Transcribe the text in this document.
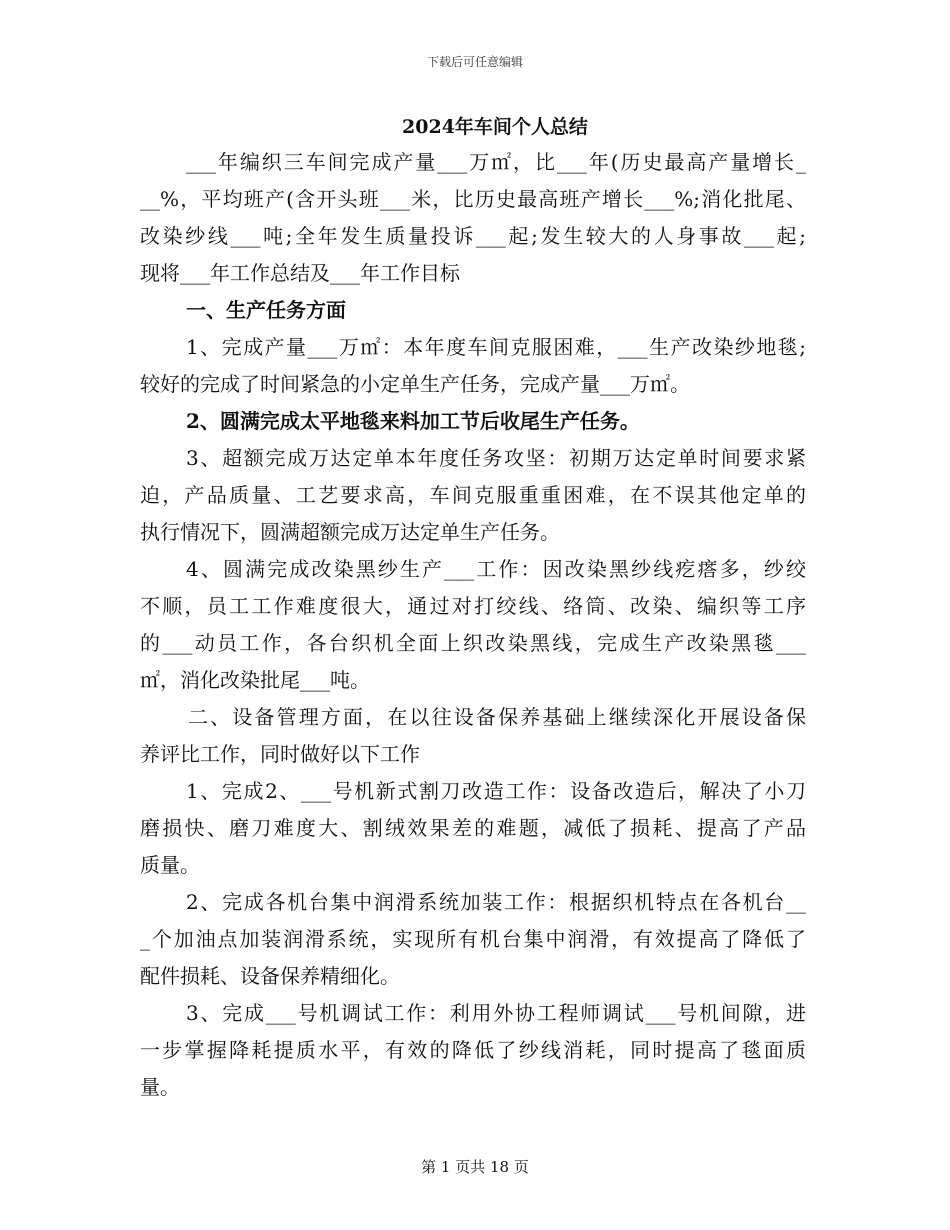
下载后可任意编辑
2024年车间个人总结
___年编织三车间完成产量___万㎡，比___年(历史最高产量增长_
__%，平均班产(含开头班___米，比历史最高班产增长___%;消化批尾、
改染纱线___吨;全年发生质量投诉___起;发生较大的人身事故___起;
现将___年工作总结及___年工作目标
一、生产任务方面
1、完成产量___万㎡：本年度车间克服困难，___生产改染纱地毯;
较好的完成了时间紧急的小定单生产任务，完成产量___万㎡。
2、圆满完成太平地毯来料加工节后收尾生产任务。
3、超额完成万达定单本年度任务攻坚：初期万达定单时间要求紧
迫，产品质量、工艺要求高，车间克服重重困难，在不误其他定单的
执行情况下，圆满超额完成万达定单生产任务。
4、圆满完成改染黑纱生产___工作：因改染黑纱线疙瘩多，纱绞
不顺，员工工作难度很大，通过对打绞线、络筒、改染、编织等工序
的___动员工作，各台织机全面上织改染黑线，完成生产改染黑毯___
㎡，消化改染批尾___吨。
二、设备管理方面，在以往设备保养基础上继续深化开展设备保
养评比工作，同时做好以下工作
1、完成2、___号机新式割刀改造工作：设备改造后，解决了小刀
磨损快、磨刀难度大、割绒效果差的难题，减低了损耗、提高了产品
质量。
2、完成各机台集中润滑系统加装工作：根据织机特点在各机台__
_个加油点加装润滑系统，实现所有机台集中润滑，有效提高了降低了
配件损耗、设备保养精细化。
3、完成___号机调试工作：利用外协工程师调试___号机间隙，进
一步掌握降耗提质水平，有效的降低了纱线消耗，同时提高了毯面质
量。
第 1 页共 18 页
